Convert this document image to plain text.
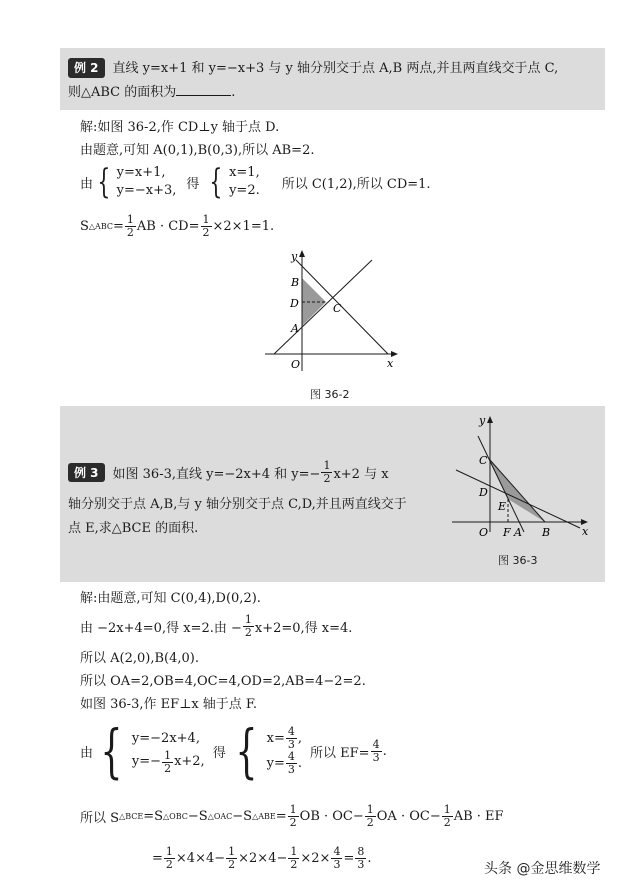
例 2 直线 y=x+1 和 y=−x+3 与 y 轴分别交于点 A,B 两点,并且两直线交于点 C,
则△ABC 的面积为	.
解:如图 36-2,作 CD⊥y 轴于点 D.
由题意,可知 A(0,1),B(0,3),所以 AB=2.
由 { y=x+1,
y=−x+3, 得 { x=1,
y=2. 所以 C(1,2),所以 CD=1.
S △ABC = $\frac{1}{2}$ AB · $CD= \frac{1}{2} \times 2\times 1=1$.
y
x
B
D
A
C
O
图 36-2
例 3	如图 36-3,直线 y=−2x+4 和 $y=- \frac{1}{2} x+2$ 与 x
轴分别交于点 A,B,与 y 轴分别交于点 C,D,并且两直线交于
点 E,求△BCE 的面积.
y
x
C
D
E
O F A B
图 36-3
解:由题意,可知 C(0,4),D(0,2).
由 −2x+4=0,得 x=2.由 − $\frac{1}{2} x+2=0$,得 x=4.
所以 A(2,0),B(4,0).
所以 OA=2,OB=4,OC=4,OD=2,AB=4−2=2.
如图 36-3,作 EF⊥x 轴于点 F.
由 { y=−2x+4,
$y=- \frac{1}{2} x+2$,
得 { $x= \frac{4}{3}$ ,
$y= \frac{4}{3}$ .
所以 $EF= \frac{4}{3}$ .
所以 S △BCE =S △OBC −S △OAC −S △ABE = $\frac{1}{2}$ OB · $OC- \frac{1}{2}$ OA · $OC- \frac{1}{2}$ AB · EF
= $\frac{1}{2} \times 4\times 4- \frac{1}{2} \times 2\times 4- \frac{1}{2} \times 2\times \frac{4}{3} = \frac{8}{3}$ .
头条 @金思维数学
